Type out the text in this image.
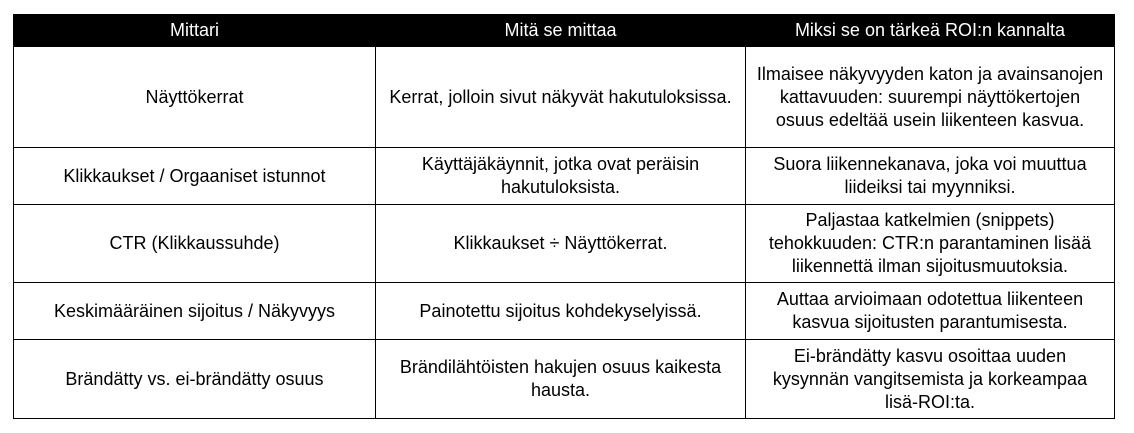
Mittari	Mitä se mittaa	Miksi se on tärkeä ROI:n kannalta
Näyttökerrat	Kerrat, jolloin sivut näkyvät hakutuloksissa.	Ilmaisee näkyvyyden katon ja avainsanojen kattavuuden: suurempi näyttökertojen osuus edeltää usein liikenteen kasvua.
Klikkaukset / Orgaaniset istunnot	Käyttäjäkäynnit, jotka ovat peräisin hakutuloksista.	Suora liikennekanava, joka voi muuttua liideiksi tai myynniksi.
CTR (Klikkaussuhde)	Klikkaukset ÷ Näyttökerrat.	Paljastaa katkelmien (snippets) tehokkuuden: CTR:n parantaminen lisää liikennettä ilman sijoitusmuutoksia.
Keskimääräinen sijoitus / Näkyvyys	Painotettu sijoitus kohdekyselyissä.	Auttaa arvioimaan odotettua liikenteen kasvua sijoitusten parantumisesta.
Brändätty vs. ei-brändätty osuus	Brändilähtöisten hakujen osuus kaikesta hausta.	Ei-brändätty kasvu osoittaa uuden kysynnän vangitsemista ja korkeampaa lisä-ROI:ta.
